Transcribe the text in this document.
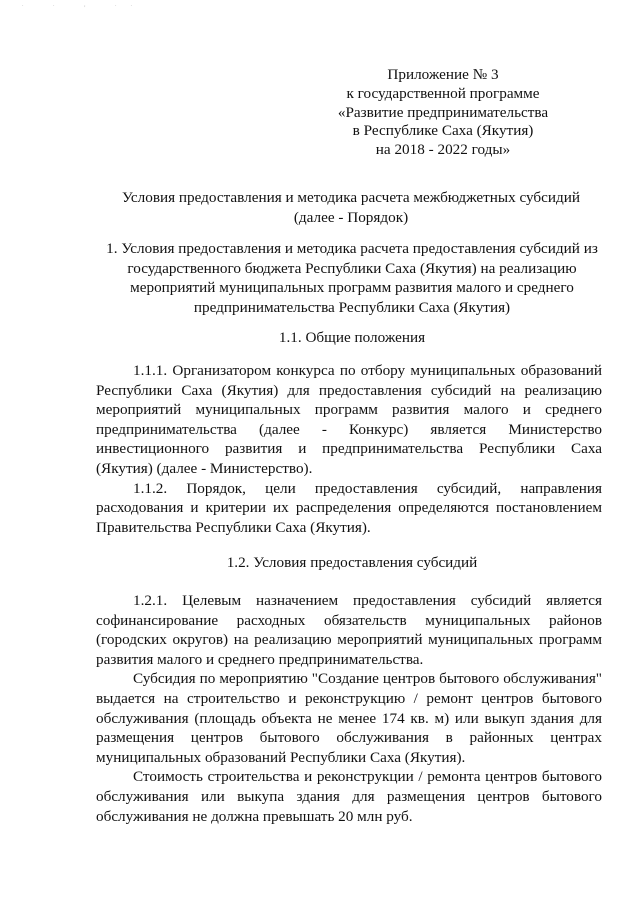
. . , ..
Приложение № 3
к государственной программе
«Развитие предпринимательства
в Республике Саха (Якутия)
на 2018 - 2022 годы»
Условия предоставления и методика расчета межбюджетных субсидий
(далее - Порядок)
1. Условия предоставления и методика расчета предоставления субсидий из государственного бюджета Республики Саха (Якутия) на реализацию мероприятий муниципальных программ развития малого и среднего предпринимательства Республики Саха (Якутия)
1.1. Общие положения

1.1.1. Организатором конкурса по отбору муниципальных образований Республики Саха (Якутия) для предоставления субсидий на реализацию мероприятий муниципальных программ развития малого и среднего предпринимательства (далее - Конкурс) является Министерство инвестиционного развития и предпринимательства Республики Саха (Якутия) (далее - Министерство).

1.1.2. Порядок, цели предоставления субсидий, направления расходования и критерии их распределения определяются постановлением Правительства Республики Саха (Якутия).

1.2. Условия предоставления субсидий

1.2.1. Целевым назначением предоставления субсидий является софинансирование расходных обязательств муниципальных районов (городских округов) на реализацию мероприятий муниципальных программ развития малого и среднего предпринимательства.

Субсидия по мероприятию "Создание центров бытового обслуживания" выдается на строительство и реконструкцию / ремонт центров бытового обслуживания (площадь объекта не менее 174 кв. м) или выкуп здания для размещения центров бытового обслуживания в районных центрах муниципальных образований Республики Саха (Якутия).

Стоимость строительства и реконструкции / ремонта центров бытового обслуживания или выкупа здания для размещения центров бытового обслуживания не должна превышать 20 млн руб.
